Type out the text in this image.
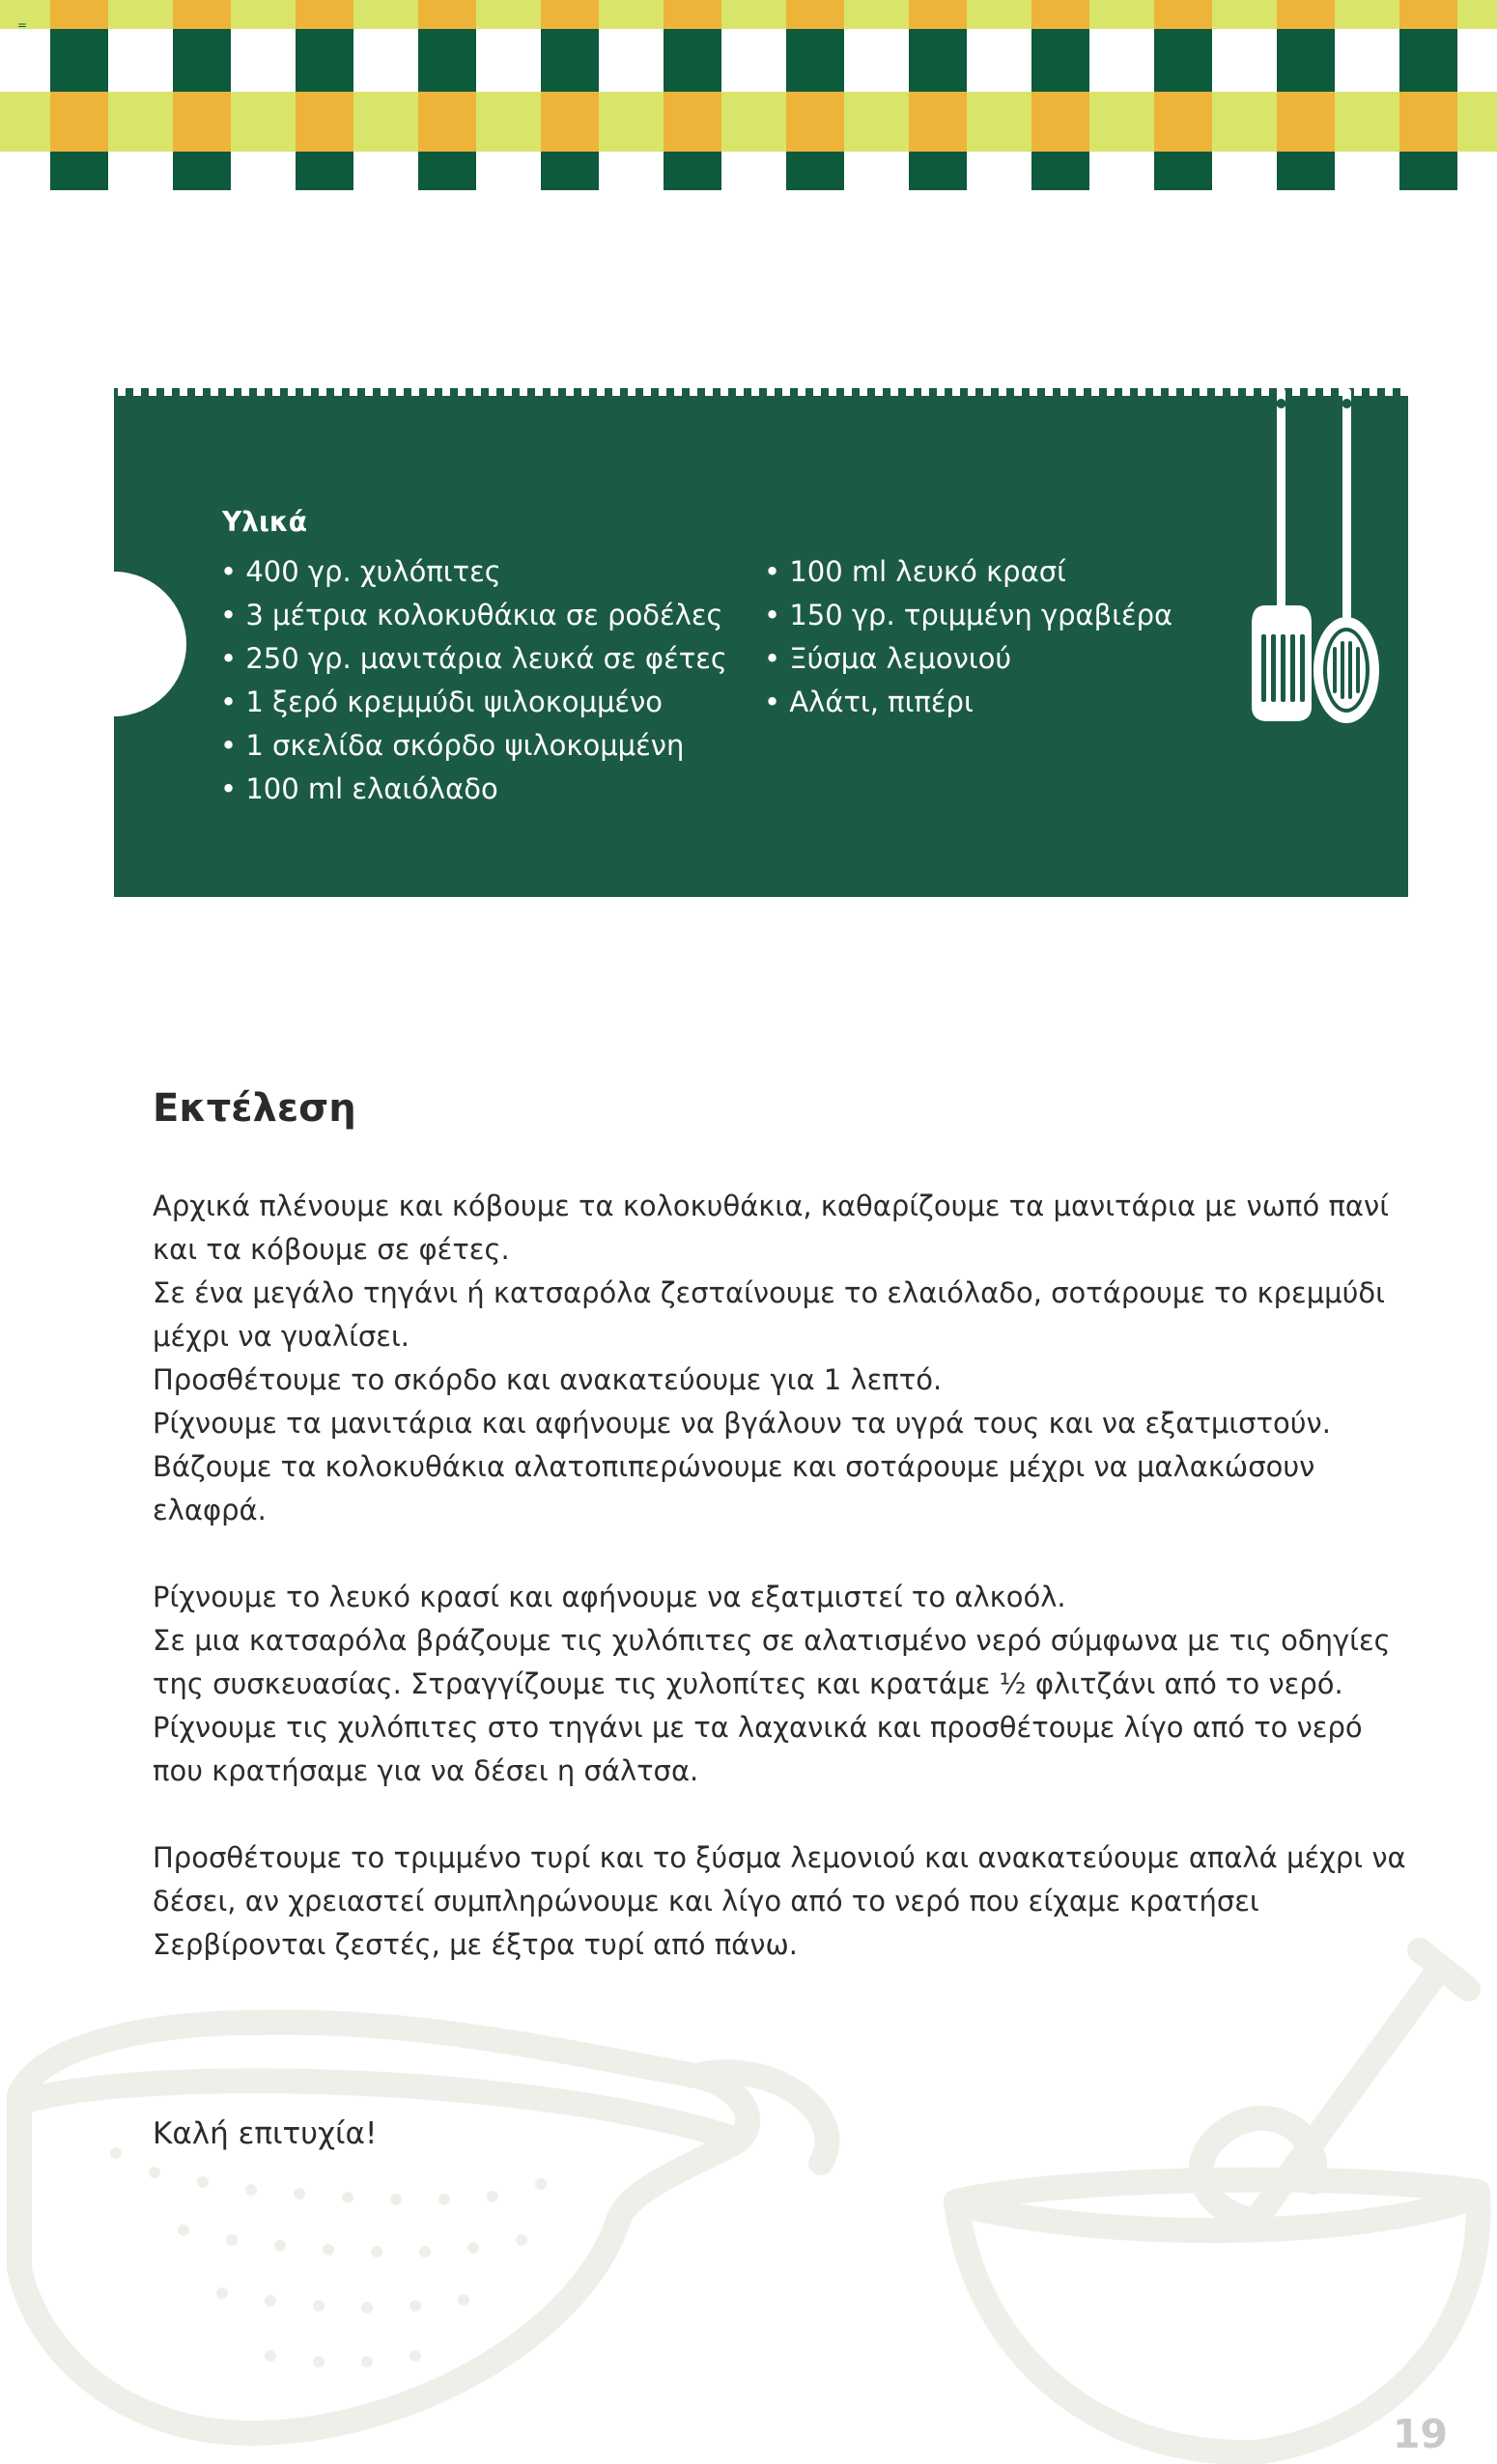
=
Υλικά
• 400 γρ. χυλόπιτες
• 3 μέτρια κολοκυθάκια σε ροδέλες
• 250 γρ. μανιτάρια λευκά σε φέτες
• 1 ξερό κρεμμύδι ψιλοκομμένο
• 1 σκελίδα σκόρδο ψιλοκομμένη
• 100 ml ελαιόλαδο
• 100 ml λευκό κρασί
• 150 γρ. τριμμένη γραβιέρα
• Ξύσμα λεμονιού
• Αλάτι, πιπέρι
Εκτέλεση
Αρχικά πλένουμε και κόβουμε τα κολοκυθάκια, καθαρίζουμε τα μανιτάρια με νωπό πανί
και τα κόβουμε σε φέτες.
Σε ένα μεγάλο τηγάνι ή κατσαρόλα ζεσταίνουμε το ελαιόλαδο, σοτάρουμε το κρεμμύδι
μέχρι να γυαλίσει.
Προσθέτουμε το σκόρδο και ανακατεύουμε για 1 λεπτό.
Ρίχνουμε τα μανιτάρια και αφήνουμε να βγάλουν τα υγρά τους και να εξατμιστούν.
Βάζουμε τα κολοκυθάκια αλατοπιπερώνουμε και σοτάρουμε μέχρι να μαλακώσουν
ελαφρά.
Ρίχνουμε το λευκό κρασί και αφήνουμε να εξατμιστεί το αλκοόλ.
Σε μια κατσαρόλα βράζουμε τις χυλόπιτες σε αλατισμένο νερό σύμφωνα με τις οδηγίες
της συσκευασίας. Στραγγίζουμε τις χυλοπίτες και κρατάμε ½ φλιτζάνι από το νερό.
Ρίχνουμε τις χυλόπιτες στο τηγάνι με τα λαχανικά και προσθέτουμε λίγο από το νερό
που κρατήσαμε για να δέσει η σάλτσα.
Προσθέτουμε το τριμμένο τυρί και το ξύσμα λεμονιού και ανακατεύουμε απαλά μέχρι να
δέσει, αν χρειαστεί συμπληρώνουμε και λίγο από το νερό που είχαμε κρατήσει
Σερβίρονται ζεστές, με έξτρα τυρί από πάνω.
Καλή επιτυχία!
19
